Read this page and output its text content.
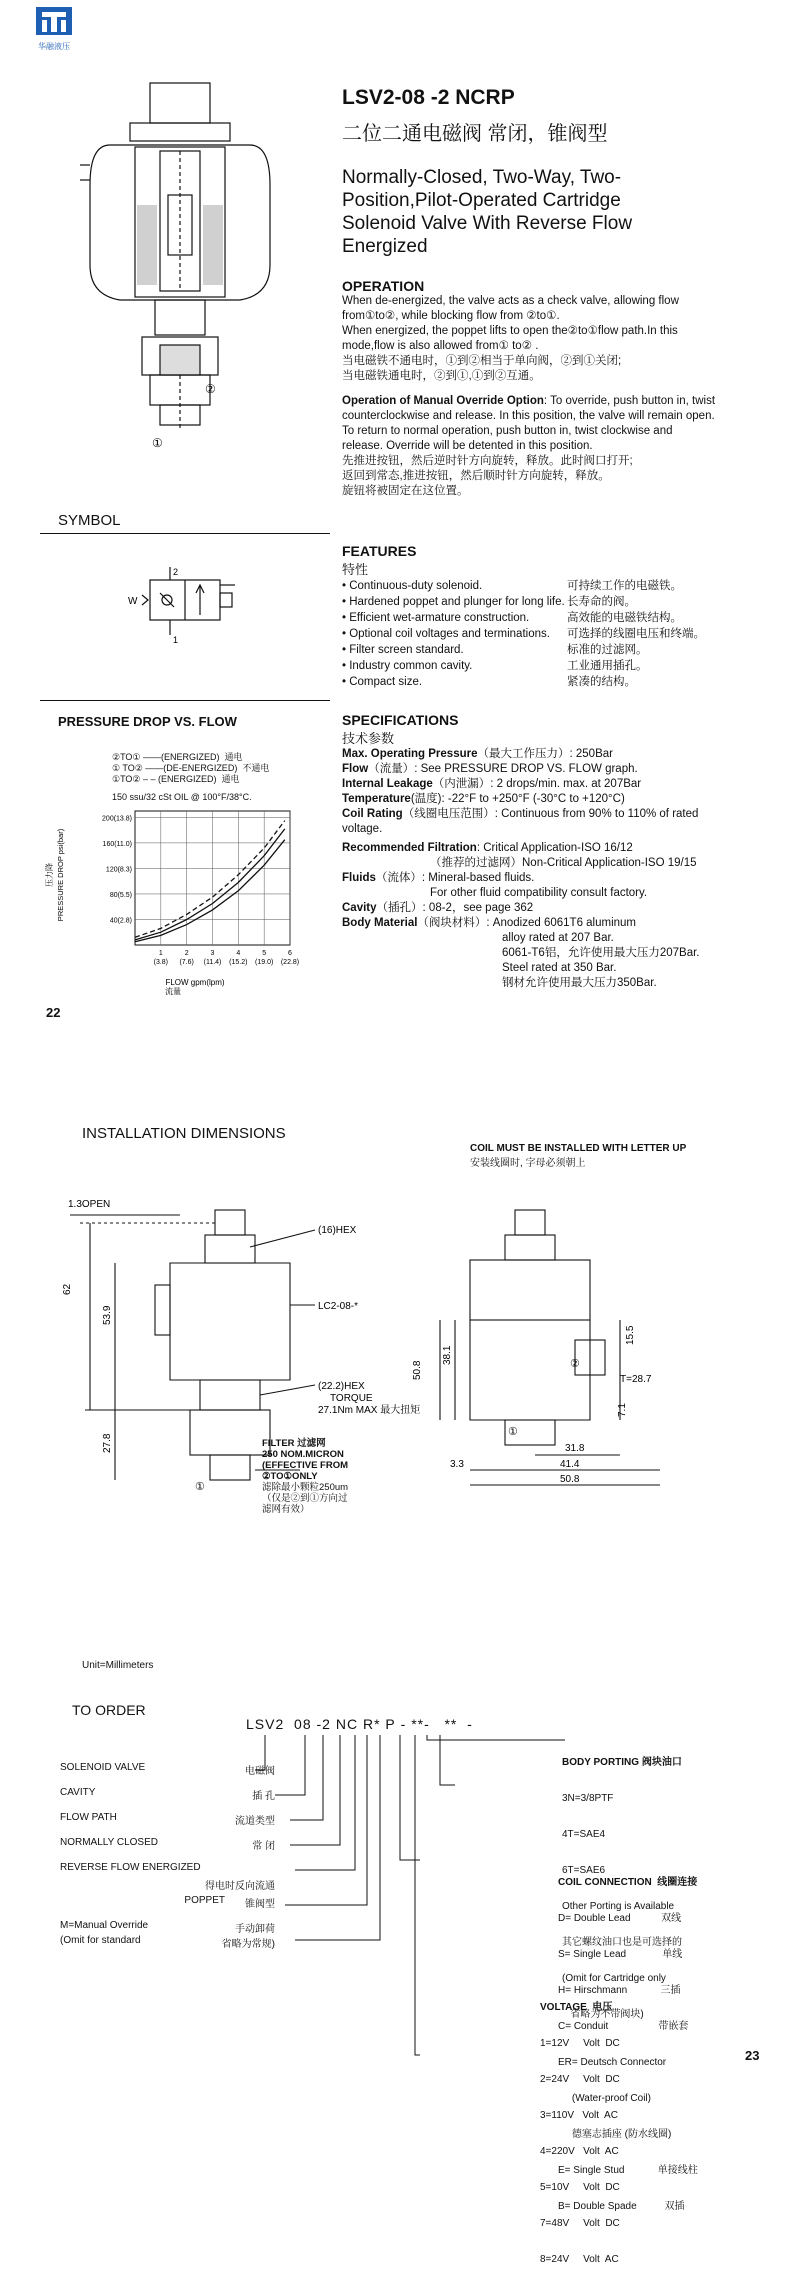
华融液压
②
①
LSV2-08 -2 NCRP
二位二通电磁阀 常闭，锥阀型
Normally-Closed, Two-Way, Two-
Position,Pilot-Operated Cartridge
Solenoid Valve With Reverse Flow
Energized
OPERATION
When de-energized, the valve acts as a check valve, allowing flow
from①to②, while blocking flow from ②to①.
When energized, the poppet lifts to open the②to①flow path.In this
mode,flow is also allowed from① to② .
当电磁铁不通电时，①到②相当于单向阀，②到①关闭;
当电磁铁通电时，②到①,①到②互通。
Operation of Manual Override Option: To override, push button in, twist
counterclockwise and release. In this position, the valve will remain open.
To return to normal operation, push button in, twist clockwise and
release. Override will be detented in this position.
先推进按钮，然后逆时针方向旋转，释放。此时阀口打开;
返回到常态,推进按钮，然后顺时针方向旋转，释放。
旋钮将被固定在这位置。
SYMBOL
2
1
W
FEATURES
特性
• Continuous-duty solenoid.	可持续工作的电磁铁。
• Hardened poppet and plunger for long life. 长寿命的阀。
• Efficient wet-armature construction.	高效能的电磁铁结构。
• Optional coil voltages and terminations.	可选择的线圈电压和终端。
• Filter screen standard.	标准的过滤网。
• Industry common cavity.	工业通用插孔。
• Compact size.	紧凑的结构。
SPECIFICATIONS
技术参数
Max. Operating Pressure（最大工作压力）: 250Bar
Flow（流量）: See PRESSURE DROP VS. FLOW graph.
Internal Leakage（内泄漏）: 2 drops/min. max. at 207Bar
Temperature(温度): -22°F to +250°F (-30°C to +120°C)
Coil Rating（线圈电压范围）: Continuous from 90% to 110% of rated
voltage.
Recommended Filtration: Critical Application-ISO 16/12
（推荐的过滤网）Non-Critical Application-ISO 19/15
Fluids（流体）: Mineral-based fluids.
For other fluid compatibility consult factory.
Cavity（插孔）: 08-2，see page 362
Body Material（阀块材料）: Anodized 6061T6 aluminum
alloy rated at 207 Bar.
6061-T6铝，允许使用最大压力207Bar.
Steel rated at 350 Bar.
钢材允许使用最大压力350Bar.
PRESSURE DROP VS. FLOW
②TO① ——(ENERGIZED) 通电
① TO② ——(DE-ENERGIZED) 不通电
①TO② – – (ENERGIZED) 通电
150 ssu/32 cSt OIL @ 100°F/38°C.
200(13.8)
160(11.0)
120(8.3)
80(5.5)
40(2.8)
1
(3.8)
2
(7.6)
3
(11.4)
4
(15.2)
5
(19.0)
6
(22.8)
压力降 PRESSURE DROP psi(bar)
FLOW gpm(lpm)
流量
22
INSTALLATION DIMENSIONS
COIL MUST BE INSTALLED WITH LETTER UP
安装线圈时, 字母必须朝上
1.3OPEN
(16)HEX
LC2-08-*
(22.2)HEX
TORQUE
27.1Nm MAX 最大扭矩
62
53.9
27.8
①
FILTER 过滤网
250 NOM.MICRON
(EFFECTIVE FROM
②TO①ONLY
滤除最小颗粒250um
（仅是②到①方向过
滤网有效）
50.8
38.1
15.5
T=28.7
7.1
31.8
41.4
50.8
3.3
①
②
Unit=Millimeters
TO ORDER
LSV2 08 -2 NC R* P - **- ** -
SOLENOID VALVE	电磁阀
CAVITY	插 孔
FLOW PATH	流道类型
NORMALLY CLOSED	常 闭
REVERSE FLOW ENERGIZED
得电时反向流通
POPPET 锥阀型
M=Manual Override	手动卸荷
(Omit for standard	省略为常规)

BODY PORTING 阀块油口

3N=3/8PTF

4T=SAE4

6T=SAE6

Other Porting is Available

其它螺纹油口也是可选择的

(Omit for Cartridge only

省略为不带阀块)

COIL CONNECTION  线圈连接

D= Double Lead           双线

S= Single Lead             单线

H= Hirschmann            三插

C= Conduit                  带嵌套

ER= Deutsch Connector

(Water-proof Coil)

德塞志插座 (防水线圈)

E= Single Stud            单接线柱

B= Double Spade          双插

VOLTAGE  电压

1=12V     Volt  DC

2=24V     Volt  DC

3=110V   Volt  AC

4=220V   Volt  AC

5=10V     Volt  DC

7=48V     Volt  DC

8=24V     Volt  AC

23
